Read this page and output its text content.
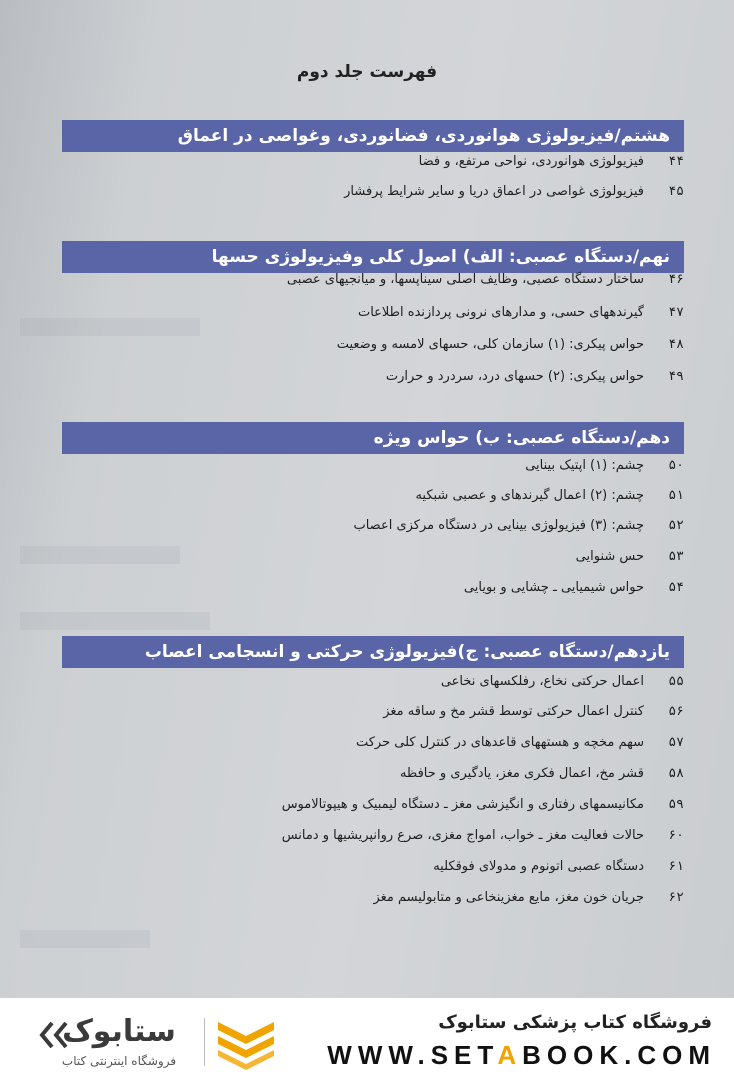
فهرست جلد دوم
هشتم/فیزیولوژی هوانوردی، فضانوردی، وغواصی در اعماق
۴۴فیزیولوژی هوانوردی، نواحی مرتفع، و فضا
۴۵فیزیولوژی غواصی در اعماق دریا و سایر شرایط پرفشار
نهم/دستگاه عصبی: الف) اصول کلی وفیزیولوژی حسها
۴۶ساختار دستگاه عصبی، وظایف اصلی سیناپسها، و میانجیهای عصبی
۴۷گیرندههای حسی، و مدارهای نرونی پردازنده اطلاعات
۴۸حواس پیکری: (۱) سازمان کلی، حسهای لامسه و وضعیت
۴۹حواس پیکری: (۲) حسهای درد، سردرد و حرارت
دهم/دستگاه عصبی: ب) حواس ویژه
۵۰چشم: (۱) اپتیک بینایی
۵۱چشم: (۲) اعمال گیرندهای و عصبی شبکیه
۵۲چشم: (۳) فیزیولوژی بینایی در دستگاه مرکزی اعصاب
۵۳حس شنوایی
۵۴حواس شیمیایی ـ چشایی و بویایی
یازدهم/دستگاه عصبی: ج)فیزیولوژی حرکتی و انسجامی اعصاب
۵۵اعمال حرکتی نخاع، رفلکسهای نخاعی
۵۶کنترل اعمال حرکتی توسط قشر مخ و ساقه مغز
۵۷سهم مخچه و هستههای قاعدهای در کنترل کلی حرکت
۵۸قشر مخ، اعمال فکری مغز، یادگیری و حافظه
۵۹مکانیسمهای رفتاری و انگیزشی مغز ـ دستگاه لیمبیک و هیپوتالاموس
۶۰حالات فعالیت مغز ـ خواب، امواج مغزی، صرع روانپریشیها و دمانس
۶۱دستگاه عصبی اتونوم و مدولای فوقکلیه
۶۲جریان خون مغز، مایع مغزینخاعی و متابولیسم مغز
فروشگاه کتاب پزشکی ستابوک
WWW.SETABOOK.COM
ستابوک
فروشگاه اینترنتی کتاب
